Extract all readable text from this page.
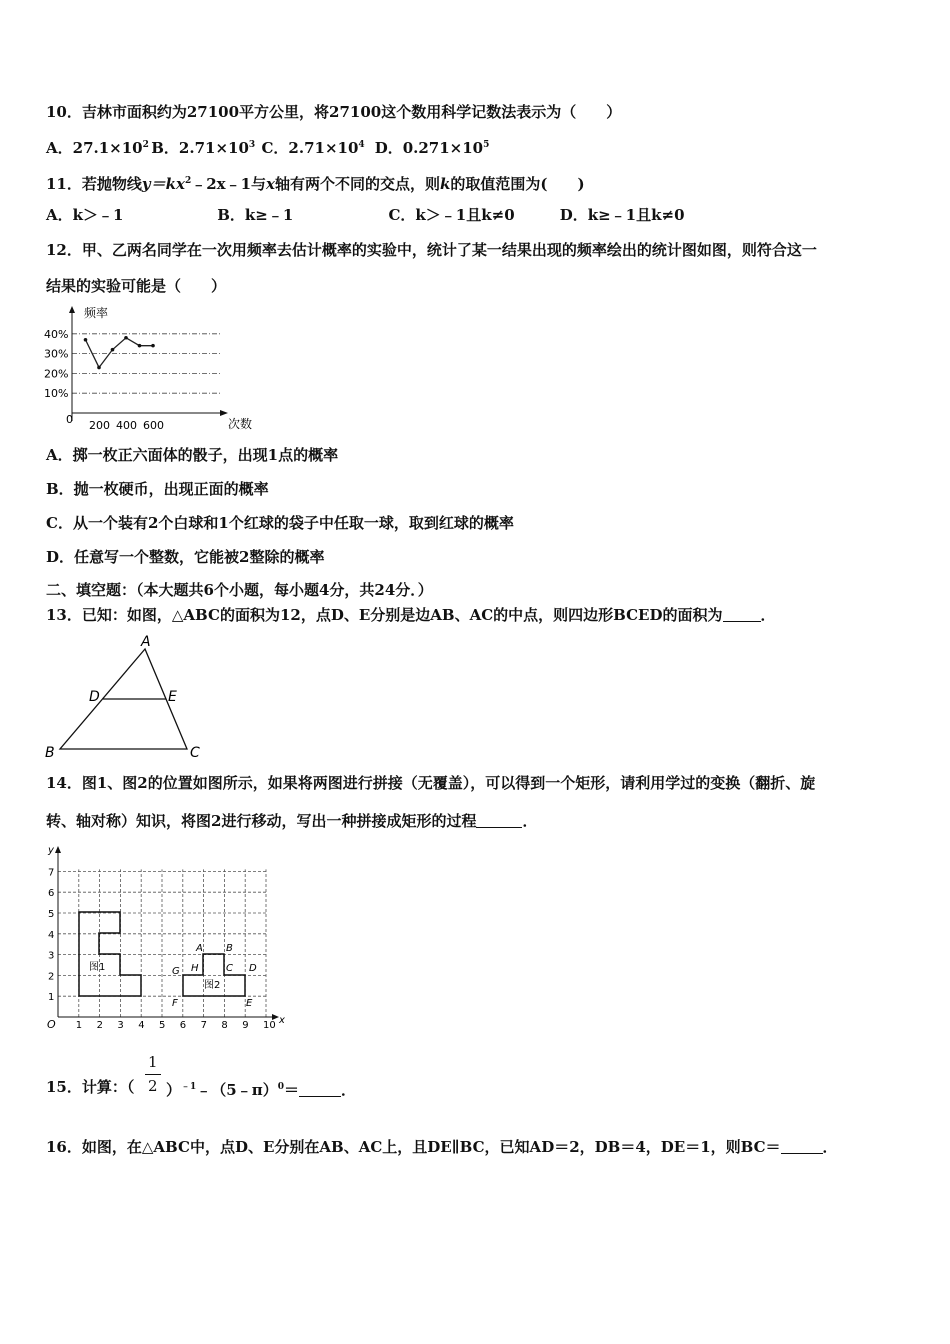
10．吉林市面积约为27100平方公里，将27100这个数用科学记数法表示为（　　）
A．$27.1\times 10^2$ B．$2.71\times 10^3$ C．$2.71\times 10^4$ D．$0.271\times 10^5$
11．若抛物线$y=kx^2﹣2x﹣1$与x轴有两个不同的交点，则k的取值范围为(　　)
A．k＞﹣1	B．k≥﹣1	C．k＞﹣1且k≠0	D．k≥﹣1且k≠0
12．甲、乙两名同学在一次用频率去估计概率的实验中，统计了某一结果出现的频率绘出的统计图如图，则符合这一
结果的实验可能是（　　）
频率
次数
10%
20%
30%
40%
0 200 400 600
A．掷一枚正六面体的骰子，出现1点的概率
B．抛一枚硬币，出现正面的概率
C．从一个装有2个白球和1个红球的袋子中任取一球，取到红球的概率
D．任意写一个整数，它能被2整除的概率
二、填空题：（本大题共6个小题，每小题4分，共24分．）
13．已知：如图，△ABC的面积为12，点D、E分别是边AB、AC的中点，则四边形BCED的面积为	．
A
D	E
B	C
14．图1、图2的位置如图所示，如果将两图进行拼接（无覆盖），可以得到一个矩形，请利用学过的变换（翻折、旋
转、轴对称）知识，将图2进行移动，写出一种拼接成矩形的过程	．
y
x
O 1 2 3 4 5 6 7 8 9 10
1
2
3
4
5
6
7
图1
图2
A B
C D
E
F
G H
1
2
15．计算：（ ）$^{﹣1}$﹣（5﹣π）$^0$＝	．
16．如图，在△ABC中，点D、E分别在AB、AC上，且DE∥BC，已知AD＝2，DB＝4，DE＝1，则BC＝	．
